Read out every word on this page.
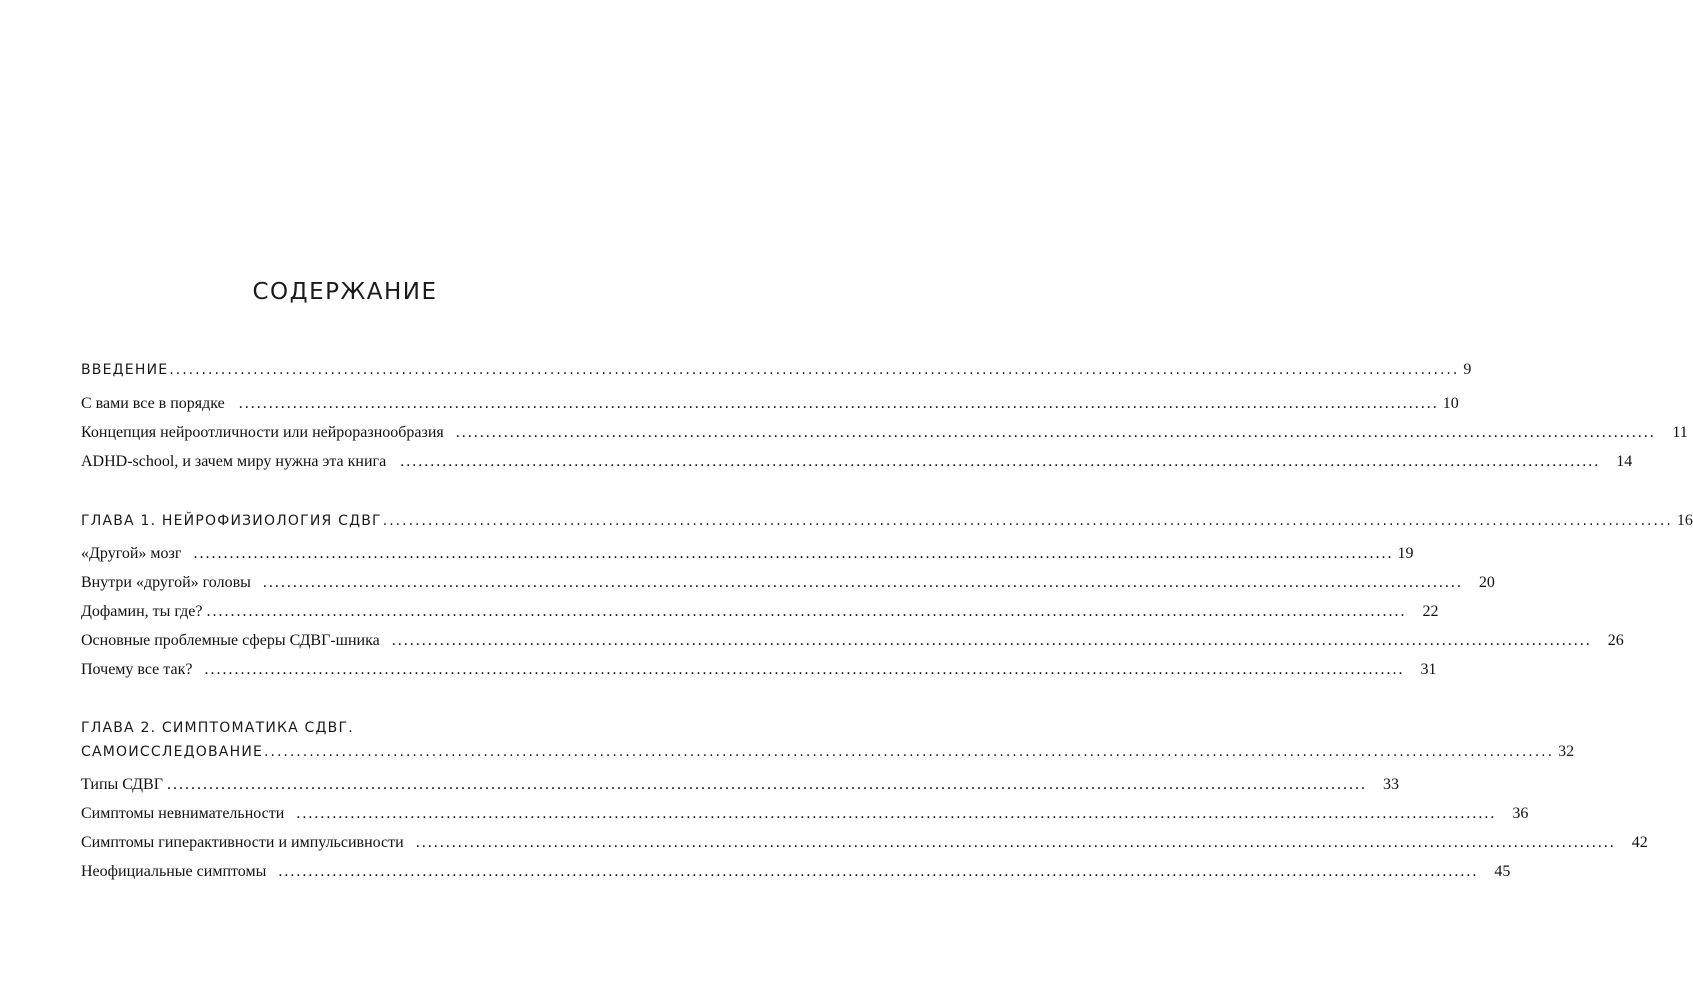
СОДЕРЖАНИЕ
ВВЕДЕНИЕ ........................................................................................................................................................................................................ 9
С вами все в порядке ........................................................................................................................................................................................................ 10
Концепция нейроотличности или нейроразнообразия ........................................................................................................................................................................................................	11
ADHD-school, и зачем миру нужна эта книга ........................................................................................................................................................................................................	14
ГЛАВА 1. НЕЙРОФИЗИОЛОГИЯ СДВГ ........................................................................................................................................................................................................ 16
«Другой» мозг ........................................................................................................................................................................................................ 19
Внутри «другой» головы ........................................................................................................................................................................................................	20
Дофамин, ты где? ........................................................................................................................................................................................................	22
Основные проблемные сферы СДВГ-шника ........................................................................................................................................................................................................	26
Почему все так? ........................................................................................................................................................................................................	31
ГЛАВА 2. СИМПТОМАТИКА СДВГ.
САМОИССЛЕДОВАНИЕ ........................................................................................................................................................................................................ 32
Типы СДВГ ........................................................................................................................................................................................................	33
Симптомы невнимательности ........................................................................................................................................................................................................	36
Симптомы гиперактивности и импульсивности ........................................................................................................................................................................................................	42
Неофициальные симптомы ........................................................................................................................................................................................................	45
